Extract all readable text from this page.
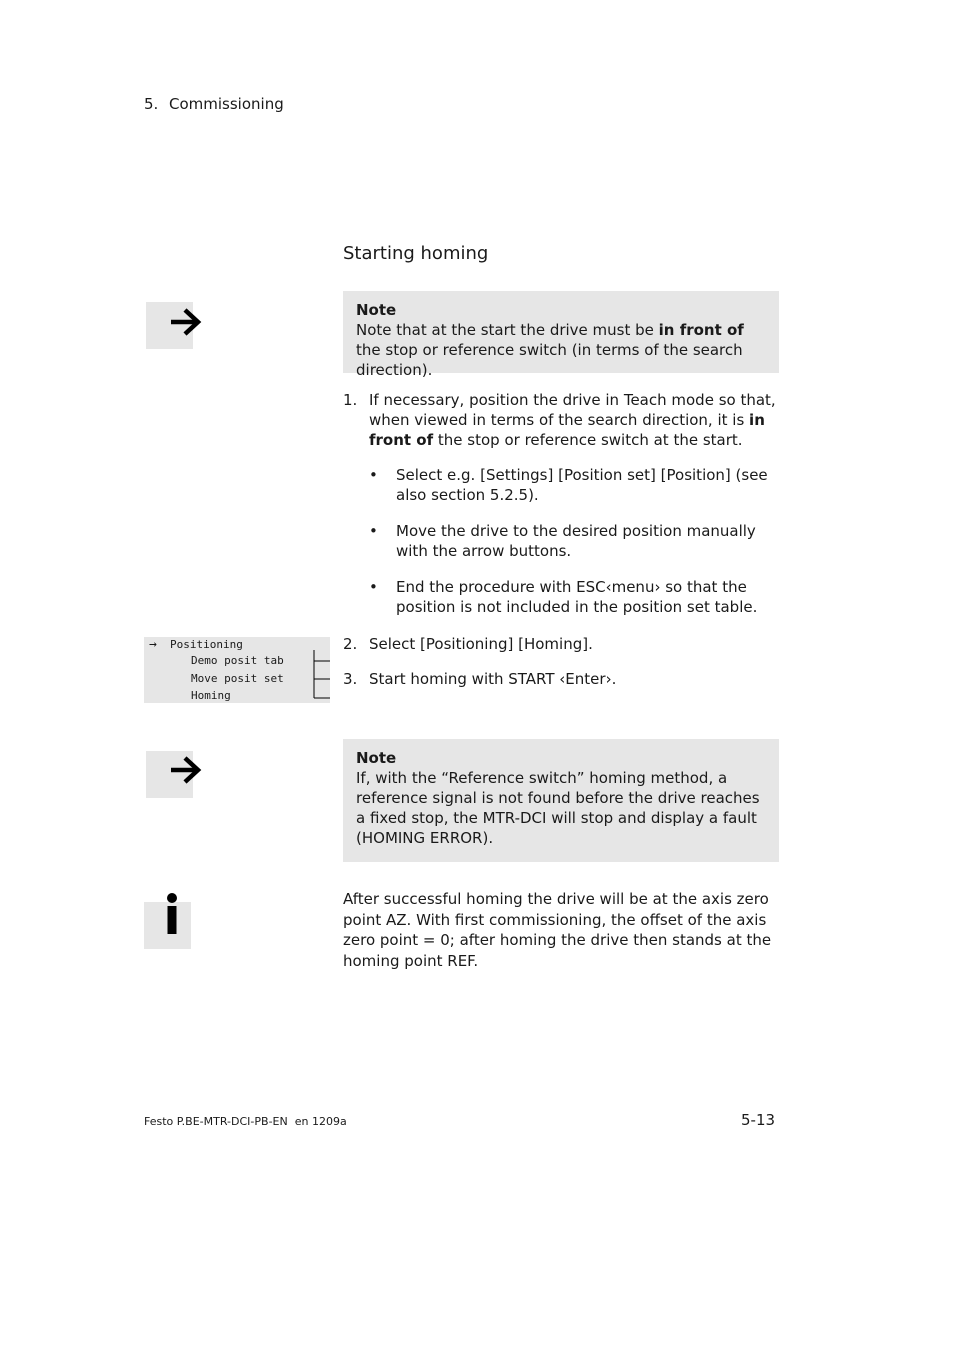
5. Commissioning
Starting homing
Note
Note that at the start the drive must be in front of the stop or reference switch (in terms of the search direction).
1. If necessary, position the drive in Teach mode so that, when viewed in terms of the search direction, it is in front of the stop or reference switch at the start.
• Select e.g. [Settings] [Position set] [Position] (see also section 5.2.5).
• Move the drive to the desired position manually with the arrow buttons.
• End the procedure with ESC‹menu› so that the position is not included in the position set table.
2. Select [Positioning] [Homing].
3. Start homing with START ‹Enter›.
→ Positioning
Demo posit tab
Move posit set
Homing
Note
If, with the “Reference switch” homing method, a reference signal is not found before the drive reaches a fixed stop, the MTR-DCI will stop and display a fault (HOMING ERROR).
After successful homing the drive will be at the axis zero point AZ. With first commissioning, the offset of the axis zero point = 0; after homing the drive then stands at the homing point REF.
Festo P.BE-MTR-DCI-PB-EN  en 1209a	5-13
